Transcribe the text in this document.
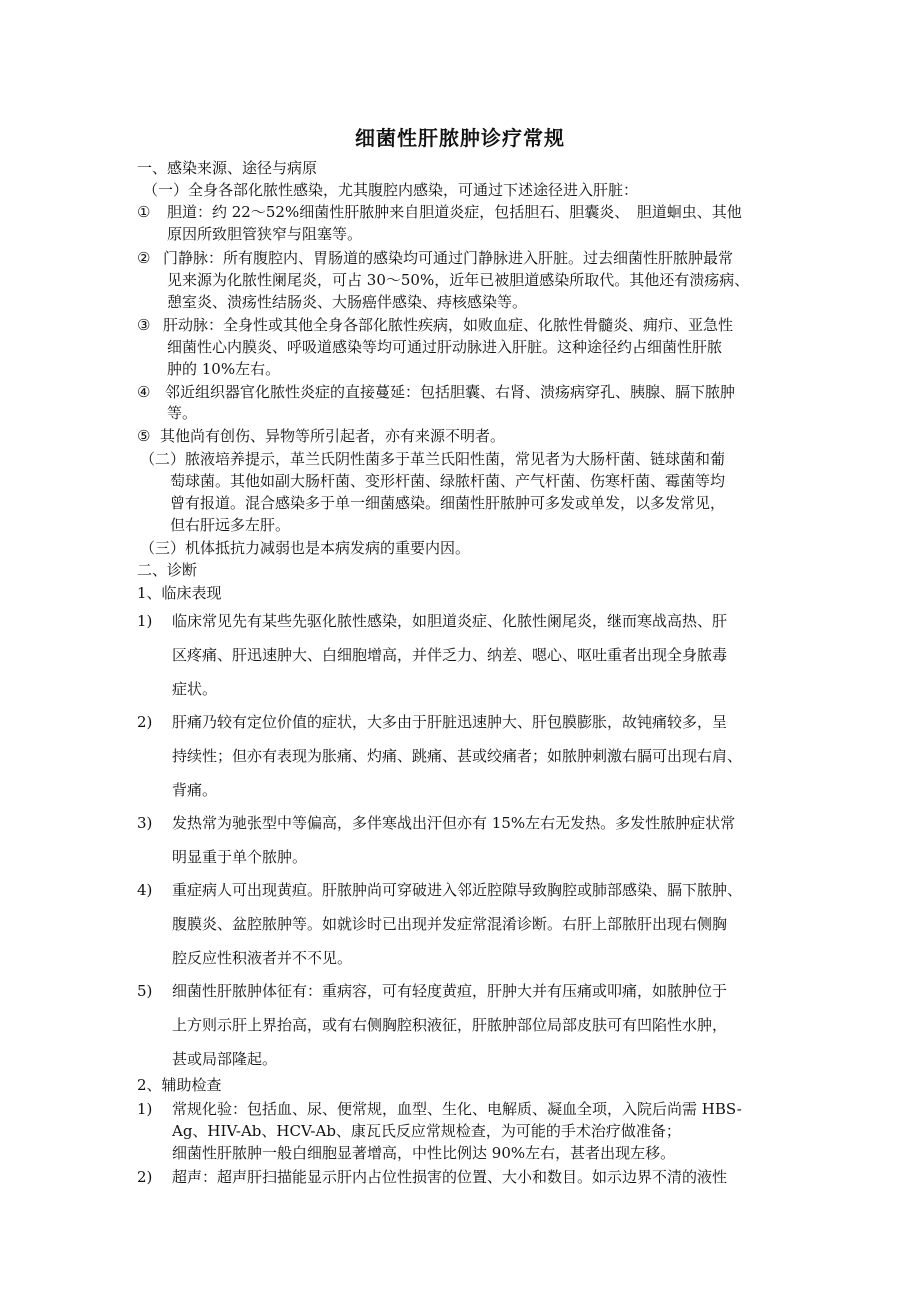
细菌性肝脓肿诊疗常规
一、感染来源、途径与病原
（一）全身各部化脓性感染，尤其腹腔内感染，可通过下述途径进入肝脏：
① 胆道：约 22～52%细菌性肝脓肿来自胆道炎症，包括胆石、胆囊炎、　胆道蛔虫、其他
原因所致胆管狭窄与阻塞等。
② 门静脉：所有腹腔内、胃肠道的感染均可通过门静脉进入肝脏。过去细菌性肝脓肿最常
见来源为化脓性阑尾炎，可占 30～50%，近年已被胆道感染所取代。其他还有溃疡病、
憩室炎、溃疡性结肠炎、大肠癌伴感染、痔核感染等。
③ 肝动脉：全身性或其他全身各部化脓性疾病，如败血症、化脓性骨髓炎、痈疖、亚急性
细菌性心内膜炎、呼吸道感染等均可通过肝动脉进入肝脏。这种途径约占细菌性肝脓
肿的 10%左右。
④ 邻近组织器官化脓性炎症的直接蔓延：包括胆囊、右肾、溃疡病穿孔、胰腺、膈下脓肿
等。
⑤ 其他尚有创伤、异物等所引起者，亦有来源不明者。
（二）脓液培养提示，革兰氏阴性菌多于革兰氏阳性菌，常见者为大肠杆菌、链球菌和葡
萄球菌。其他如副大肠杆菌、变形杆菌、绿脓杆菌、产气杆菌、伤寒杆菌、霉菌等均
曾有报道。混合感染多于单一细菌感染。细菌性肝脓肿可多发或单发，以多发常见，
但右肝远多左肝。
（三）机体抵抗力减弱也是本病发病的重要内因。
二、诊断
1、临床表现
1) 临床常见先有某些先驱化脓性感染，如胆道炎症、化脓性阑尾炎，继而寒战高热、肝
区疼痛、肝迅速肿大、白细胞增高，并伴乏力、纳差、嗯心、呕吐重者出现全身脓毒
症状。
2) 肝痛乃较有定位价值的症状，大多由于肝脏迅速肿大、肝包膜膨胀，故钝痛较多，呈
持续性；但亦有表现为胀痛、灼痛、跳痛、甚或绞痛者；如脓肿刺激右膈可出现右肩、
背痛。
3) 发热常为驰张型中等偏高，多伴寒战出汗但亦有 15%左右无发热。多发性脓肿症状常
明显重于单个脓肿。
4) 重症病人可出现黄疸。肝脓肿尚可穿破进入邻近腔隙导致胸腔或肺部感染、膈下脓肿、
腹膜炎、盆腔脓肿等。如就诊时已出现并发症常混淆诊断。右肝上部脓肝出现右侧胸
腔反应性积液者并不不见。
5) 细菌性肝脓肿体征有：重病容，可有轻度黄疸，肝肿大并有压痛或叩痛，如脓肿位于
上方则示肝上界抬高，或有右侧胸腔积液征，肝脓肿部位局部皮肤可有凹陷性水肿，
甚或局部隆起。
2、辅助检查
1) 常规化验：包括血、尿、便常规，血型、生化、电解质、凝血全项，入院后尚需 HBS-
Ag、HIV-Ab、HCV-Ab、康瓦氏反应常规检查，为可能的手术治疗做准备；
细菌性肝脓肿一般白细胞显著增高，中性比例达 90%左右，甚者出现左移。
2) 超声：超声肝扫描能显示肝内占位性损害的位置、大小和数目。如示边界不清的液性
